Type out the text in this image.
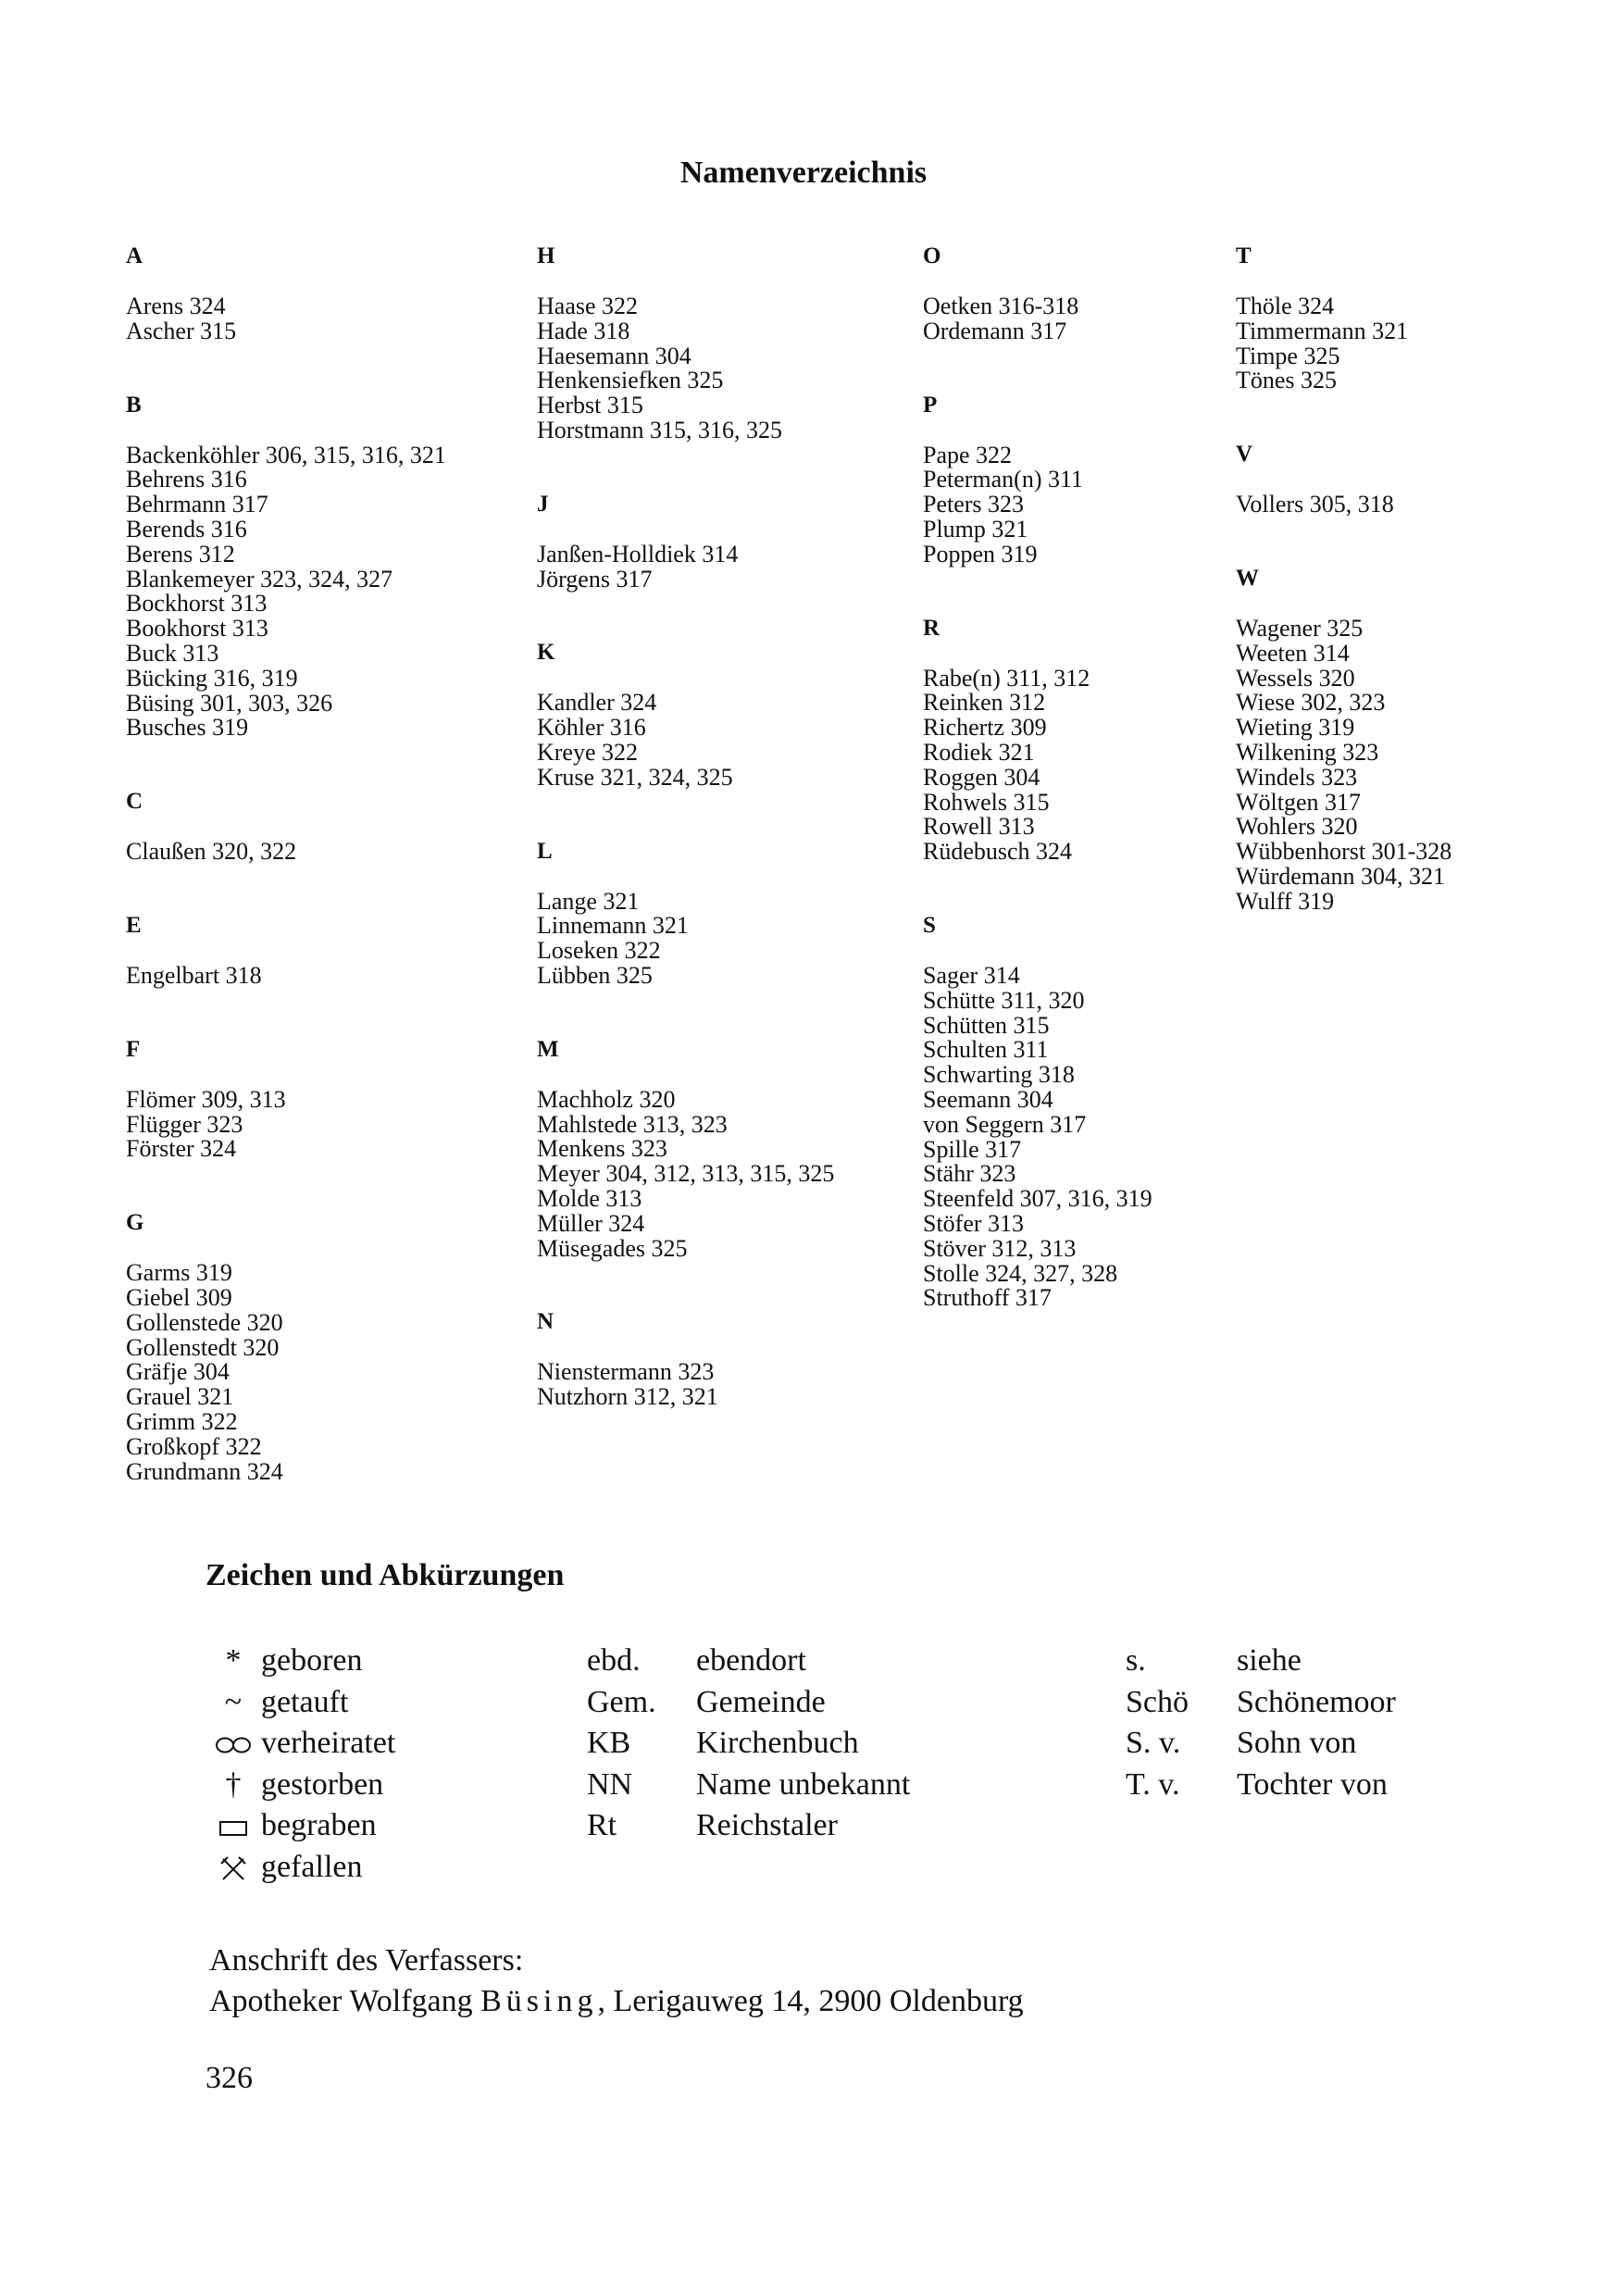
Namenverzeichnis
A
Arens 324
Ascher 315
B
Backenköhler 306, 315, 316, 321
Behrens 316
Behrmann 317
Berends 316
Berens 312
Blankemeyer 323, 324, 327
Bockhorst 313
Bookhorst 313
Buck 313
Bücking 316, 319
Büsing 301, 303, 326
Busches 319
C
Claußen 320, 322
E
Engelbart 318
F
Flömer 309, 313
Flügger 323
Förster 324
G
Garms 319
Giebel 309
Gollenstede 320
Gollenstedt 320
Gräfje 304
Grauel 321
Grimm 322
Großkopf 322
Grundmann 324
H
Haase 322
Hade 318
Haesemann 304
Henkensiefken 325
Herbst 315
Horstmann 315, 316, 325
J
Janßen-Holldiek 314
Jörgens 317
K
Kandler 324
Köhler 316
Kreye 322
Kruse 321, 324, 325
L
Lange 321
Linnemann 321
Loseken 322
Lübben 325
M
Machholz 320
Mahlstede 313, 323
Menkens 323
Meyer 304, 312, 313, 315, 325
Molde 313
Müller 324
Müsegades 325
N
Nienstermann 323
Nutzhorn 312, 321
O
Oetken 316-318
Ordemann 317
P
Pape 322
Peterman(n) 311
Peters 323
Plump 321
Poppen 319
R
Rabe(n) 311, 312
Reinken 312
Richertz 309
Rodiek 321
Roggen 304
Rohwels 315
Rowell 313
Rüdebusch 324
S
Sager 314
Schütte 311, 320
Schütten 315
Schulten 311
Schwarting 318
Seemann 304
von Seggern 317
Spille 317
Stähr 323
Steenfeld 307, 316, 319
Stöfer 313
Stöver 312, 313
Stolle 324, 327, 328
Struthoff 317
T
Thöle 324
Timmermann 321
Timpe 325
Tönes 325
V
Vollers 305, 318
W
Wagener 325
Weeten 314
Wessels 320
Wiese 302, 323
Wieting 319
Wilkening 323
Windels 323
Wöltgen 317
Wohlers 320
Wübbenhorst 301-328
Würdemann 304, 321
Wulff 319
Zeichen und Abkürzungen
* geboren
~ getauft
verheiratet
† gestorben
begraben
gefallen
ebd.	ebendort
Gem.	Gemeinde
KB	Kirchenbuch
NN	Name unbekannt
Rt	Reichstaler
s.	siehe
Schö	Schönemoor
S. v.	Sohn von
T. v.	Tochter von
Anschrift des Verfassers:
Apotheker Wolfgang Büsing, Lerigauweg 14, 2900 Oldenburg
326
